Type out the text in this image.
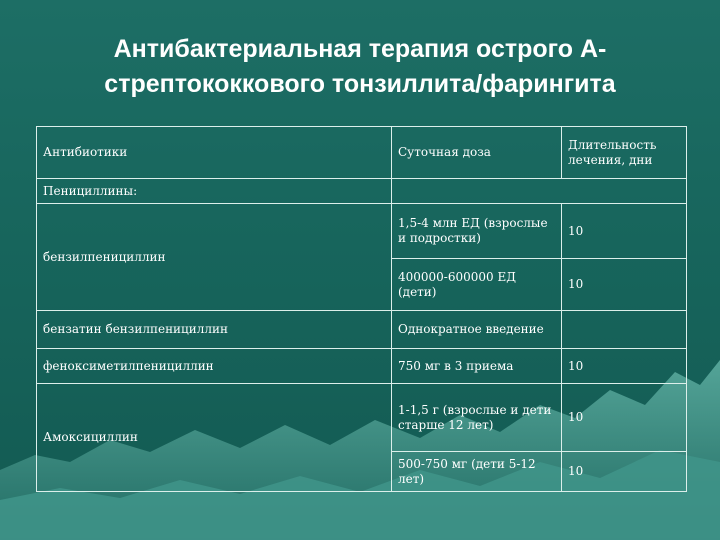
Антибактериальная терапия острого А-
стрептококкового тонзиллита/фарингита
Антибиотики	Суточная доза	Длительность лечения, дни
Пенициллины:		
бензилпенициллин	1,5-4 млн ЕД (взрослые и подростки)	10
	400000-600000 ЕД (дети)	10
бензатин бензилпенициллин	Однократное введение	
феноксиметилпенициллин	750 мг в 3 приема	10
Амоксициллин	1-1,5 г (взрослые и дети старше 12 лет)	10
	500-750 мг (дети 5-12 лет)	10
